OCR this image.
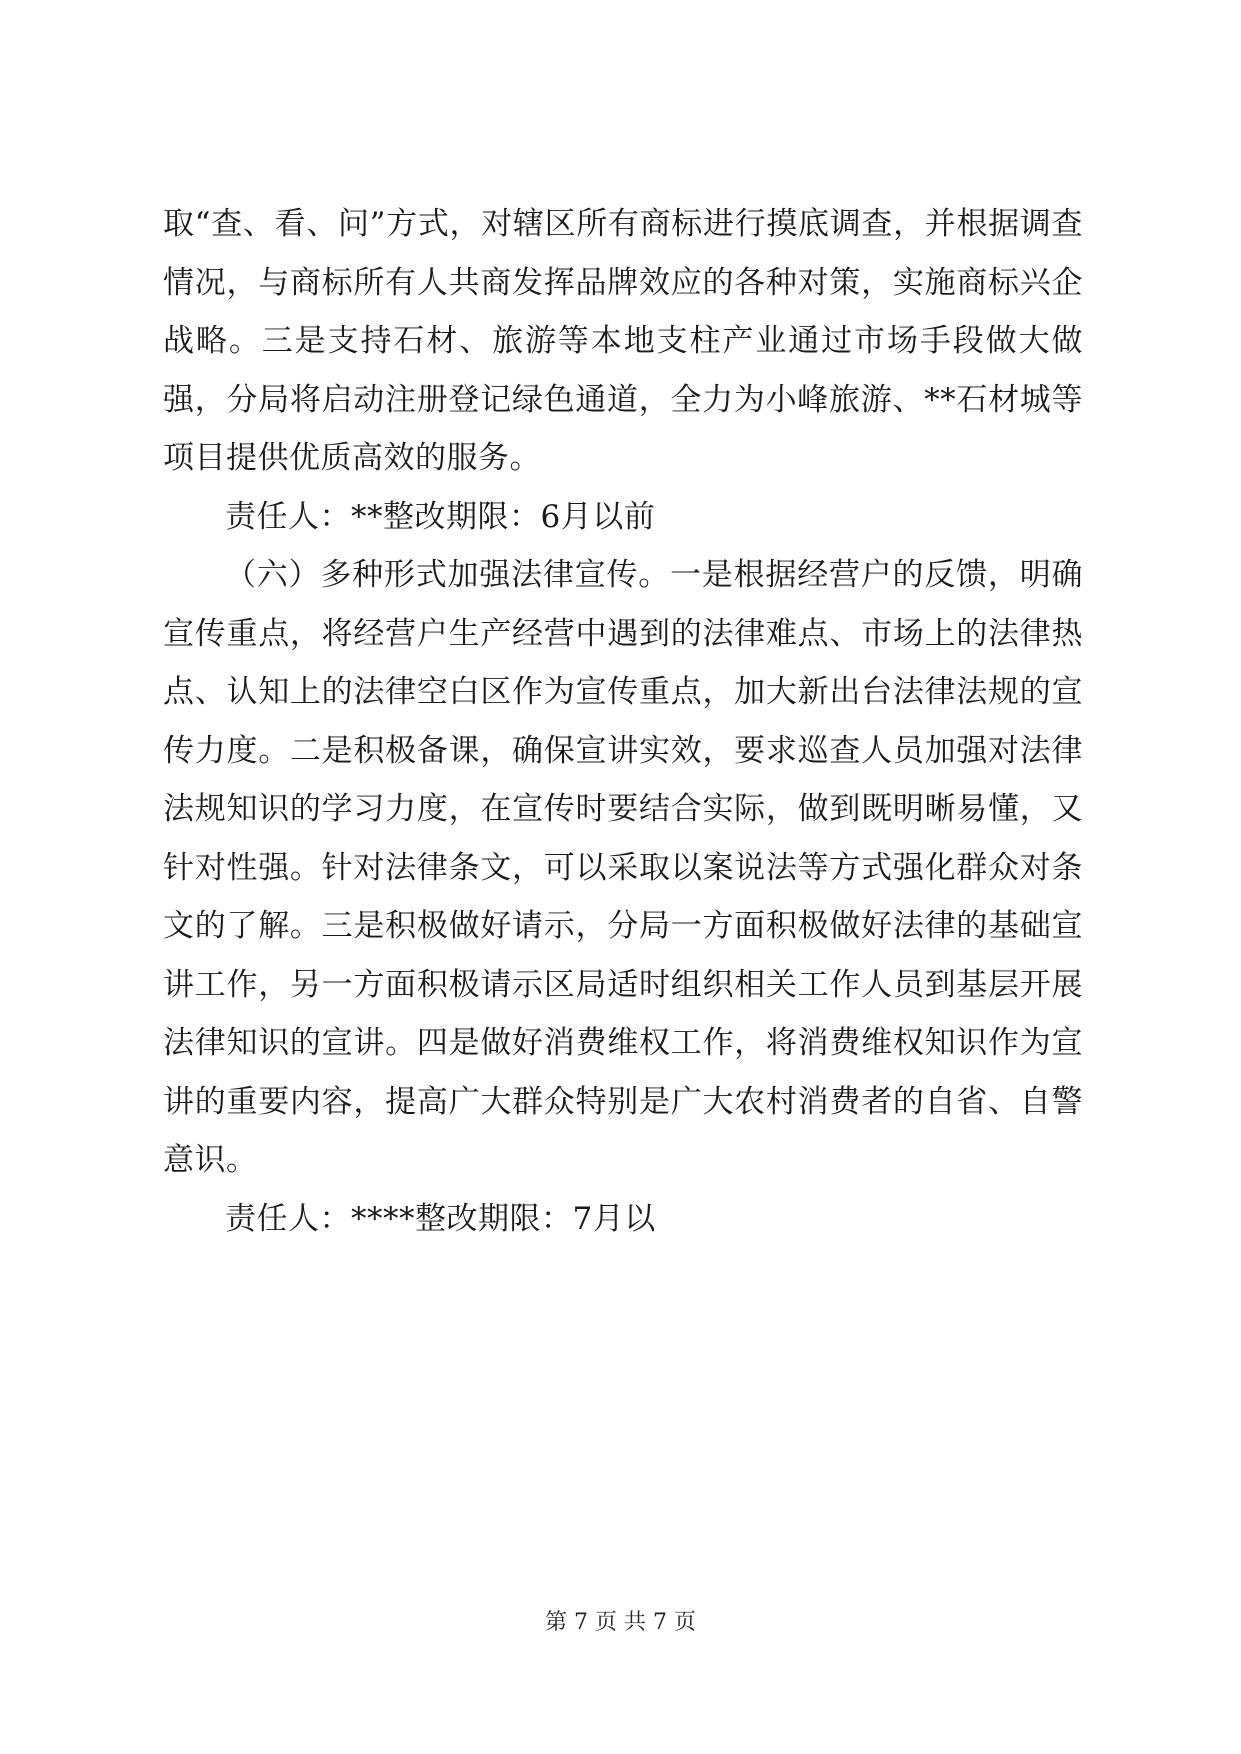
取“查、看、问”方式，对辖区所有商标进行摸底调查，并根据调查情况，与商标所有人共商发挥品牌效应的各种对策，实施商标兴企战略。三是支持石材、旅游等本地支柱产业通过市场手段做大做强，分局将启动注册登记绿色通道，全力为小峰旅游、**石材城等项目提供优质高效的服务。

责任人：**整改期限：6月以前

（六）多种形式加强法律宣传。一是根据经营户的反馈，明确宣传重点，将经营户生产经营中遇到的法律难点、市场上的法律热点、认知上的法律空白区作为宣传重点，加大新出台法律法规的宣传力度。二是积极备课，确保宣讲实效，要求巡查人员加强对法律法规知识的学习力度，在宣传时要结合实际，做到既明晰易懂，又针对性强。针对法律条文，可以采取以案说法等方式强化群众对条文的了解。三是积极做好请示，分局一方面积极做好法律的基础宣讲工作，另一方面积极请示区局适时组织相关工作人员到基层开展法律知识的宣讲。四是做好消费维权工作，将消费维权知识作为宣讲的重要内容，提高广大群众特别是广大农村消费者的自省、自警意识。

责任人：****整改期限：7月以

第 7 页 共 7 页
